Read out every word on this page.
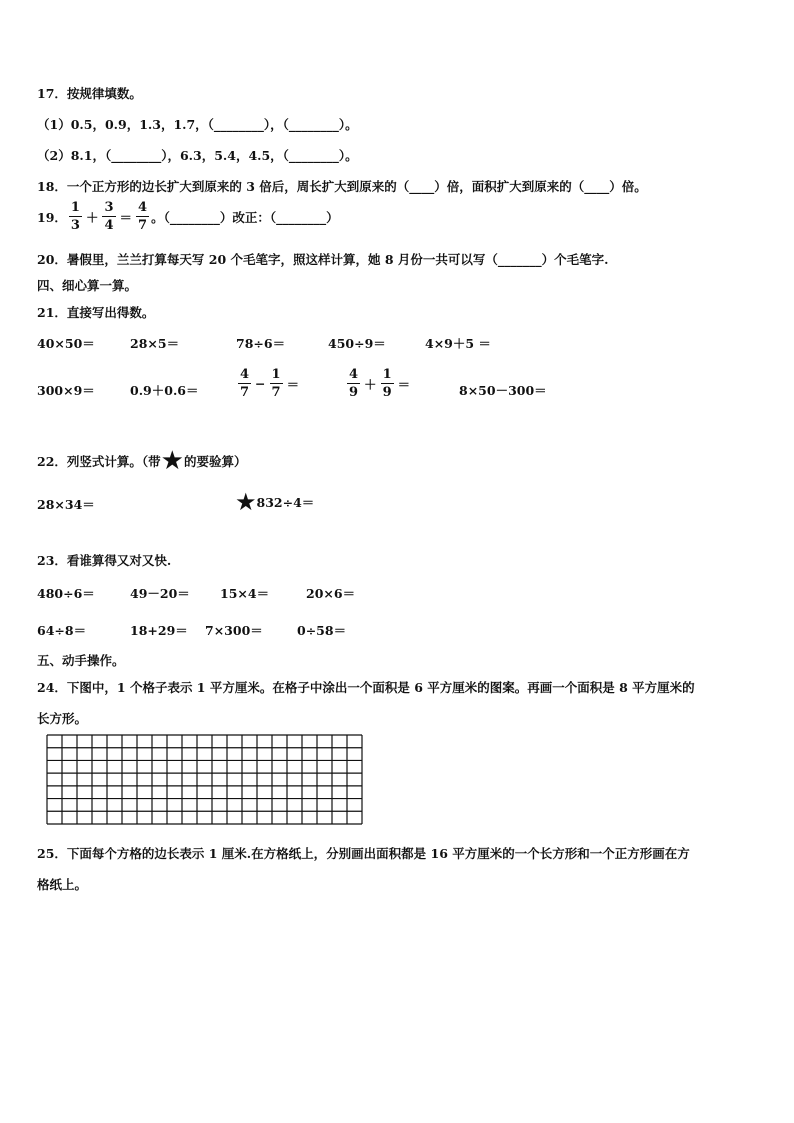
17．按规律填数。
（1）0.5，0.9，1.3，1.7，（________），（________）。
（2）8.1，（________），6.3，5.4，4.5，（________）。
18．一个正方形的边长扩大到原来的 3 倍后，周长扩大到原来的（____）倍，面积扩大到原来的（____）倍。
19． $\frac{1}{3} + \frac{3}{4} = \frac{4}{7}$ 。（________）改正：（________）
20．暑假里，兰兰打算每天写 20 个毛笔字，照这样计算，她 8 月份一共可以写（_______）个毛笔字.
四、细心算一算。
21．直接写出得数。
40×50＝	28×5＝	78÷6＝	450÷9＝	4×9＋5 ＝
300×9＝	0.9＋0.6＝	$\frac{4}{7} - \frac{1}{7}$ ＝	$\frac{4}{9} + \frac{1}{9}$ ＝	8×50－300＝
22．列竖式计算。（带 ★ 的要验算）
28×34＝	★ 832÷4＝
23．看谁算得又对又快.
480÷6＝	49－20＝ 15×4＝	20×6＝
64÷8＝	18+29＝ 7×300＝	0÷58＝
五、动手操作。
24．下图中，1 个格子表示 1 平方厘米。在格子中涂出一个面积是 6 平方厘米的图案。再画一个面积是 8 平方厘米的
长方形。
25．下面每个方格的边长表示 1 厘米.在方格纸上，分别画出面积都是 16 平方厘米的一个长方形和一个正方形画在方
格纸上。
